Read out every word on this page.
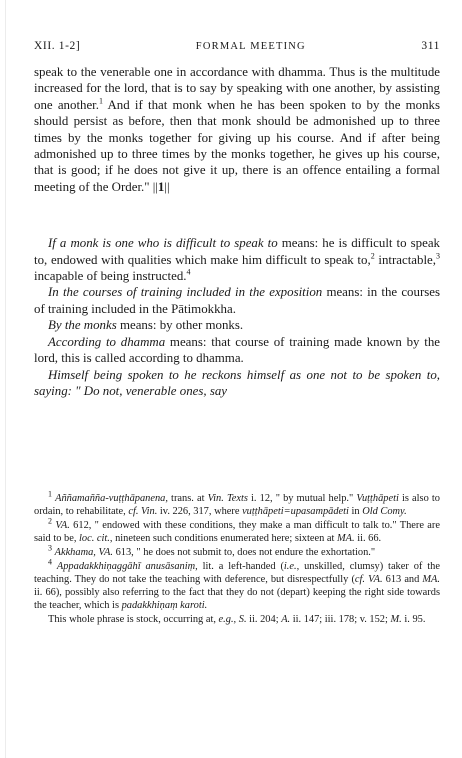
XII. 1-2]	FORMAL MEETING	311

speak to the venerable one in accordance with dhamma. Thus is the multitude increased for the lord, that is to say by speaking with one another, by assisting one another.$^1$ And if that monk when he has been spoken to by the monks should persist as before, then that monk should be admonished up to three times by the monks together for giving up his course. And if after being admonished up to three times by the monks together, he gives up his course, that is good; if he does not give it up, there is an offence entailing a formal meeting of the Order." ||1||

If a monk is one who is difficult to speak to means: he is difficult to speak to, endowed with qualities which make him difficult to speak to,$^2$ intractable,$^3$ incapable of being instructed.$^4$

In the courses of training included in the exposition means: in the courses of training included in the Pātimokkha.

By the monks means: by other monks.

According to dhamma means: that course of training made known by the lord, this is called according to dhamma.

Himself being spoken to he reckons himself as one not to be spoken to, saying: " Do not, venerable ones, say

$^1$ Aññamañña-vuṭṭhāpanena, trans. at Vin. Texts i. 12, " by mutual help." Vuṭṭhāpeti is also to ordain, to rehabilitate, cf. Vin. iv. 226, 317, where vuṭṭhāpeti=upasampādeti in Old Comy.

$^2$ VA. 612, " endowed with these conditions, they make a man difficult to talk to." There are said to be, loc. cit., nineteen such conditions enumerated here; sixteen at MA. ii. 66.

$^3$ Akkhama, VA. 613, " he does not submit to, does not endure the exhortation."

$^4$ Appadakkhiṇaggāhī anusāsaniṃ, lit. a left-handed (i.e., unskilled, clumsy) taker of the teaching. They do not take the teaching with deference, but disrespectfully (cf. VA. 613 and MA. ii. 66), possibly also referring to the fact that they do not (depart) keeping the right side towards the teacher, which is padakkhiṇaṃ karoti.

This whole phrase is stock, occurring at, e.g., S. ii. 204; A. ii. 147; iii. 178; v. 152; M. i. 95.
